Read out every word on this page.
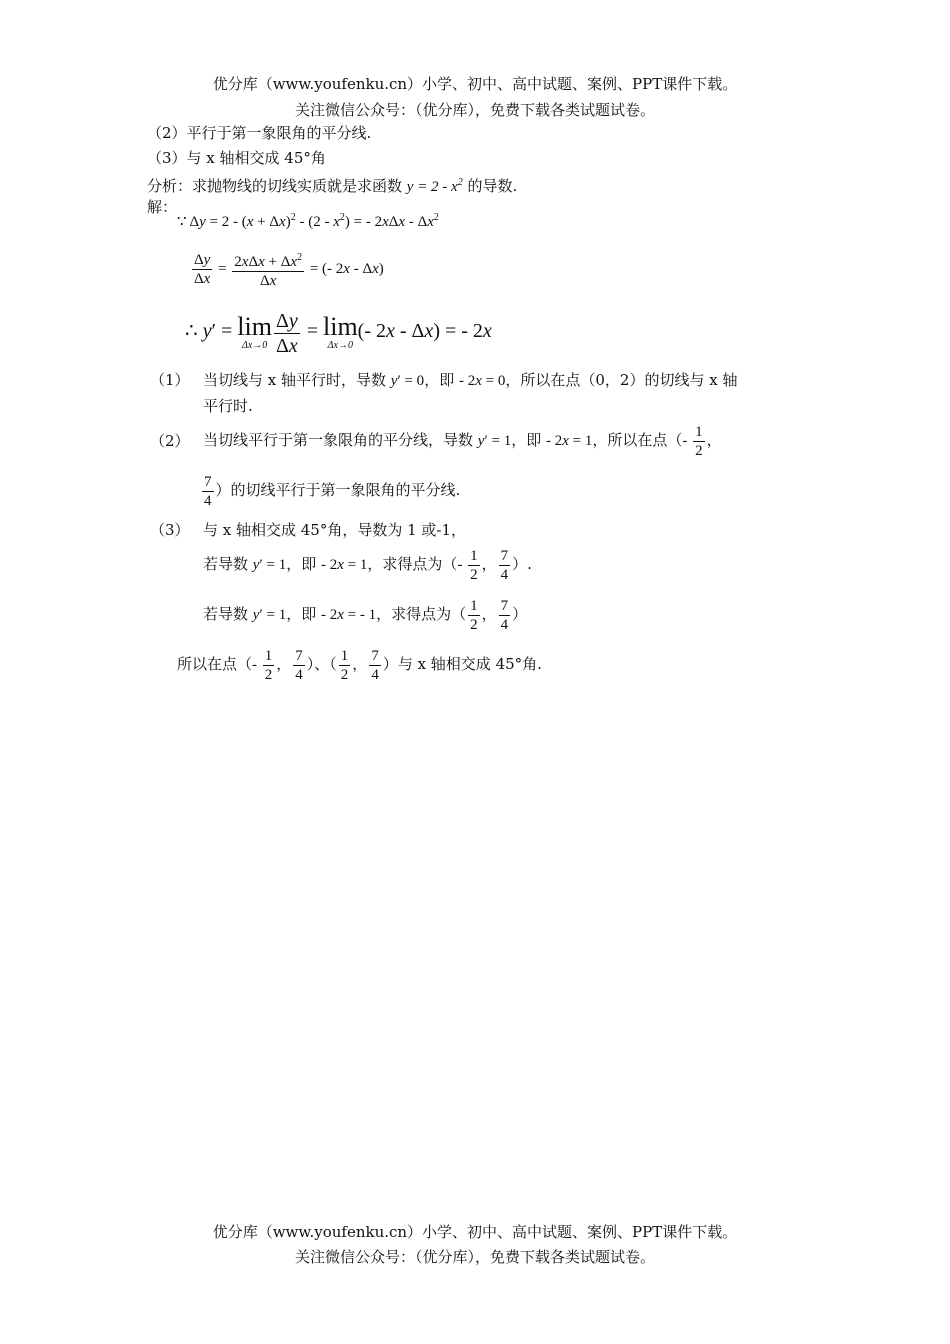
优分库（www.youfenku.cn）小学、初中、高中试题、案例、PPT课件下载。
关注微信公众号：（优分库），免费下载各类试题试卷。
（2）平行于第一象限角的平分线.
（3）与 x 轴相交成 45°角
分析：求抛物线的切线实质就是求函数 $y = 2 - x^2$ 的导数.
解：
∵ $\Delta y = 2 - (x + \Delta x)^2 - (2 - x^2)$ = - $2x\Delta x - \Delta x^2$
$\frac{\Delta y}{\Delta x} = \frac{2x\Delta x + \Delta x^2}{\Delta x}$ = (- 2x - Δx)
∴ y′ = lim
$\Delta x\to 0 \frac{\Delta y}{\Delta x} = \lim$
Δx→0
(- 2x - Δx) = - 2x
（1） 当切线与 x 轴平行时，导数 y′ = 0，即 - 2x = 0，所以在点（0，2）的切线与 x 轴
平行时.
（2） 当切线平行于第一象限角的平分线，导数 y′ = 1，即 - 2x = 1，所以在点（- $\frac{1}{2}$ ，
$\frac{7}{4}$ ）的切线平行于第一象限角的平分线.
（3） 与 x 轴相交成 45°角，导数为 1 或-1，
若导数 y′ = 1，即 - 2x = 1，求得点为（- $\frac{1}{2}$ ， $\frac{7}{4}$ ）.
若导数 y′ = 1，即 - 2x = - 1，求得点为（ $\frac{1}{2}$ ， $\frac{7}{4}$ ）
所以在点（- $\frac{1}{2}$ ， $\frac{7}{4}$ ）、（ $\frac{1}{2}$ ， $\frac{7}{4}$ ）与 x 轴相交成 45°角.
优分库（www.youfenku.cn）小学、初中、高中试题、案例、PPT课件下载。
关注微信公众号：（优分库），免费下载各类试题试卷。
